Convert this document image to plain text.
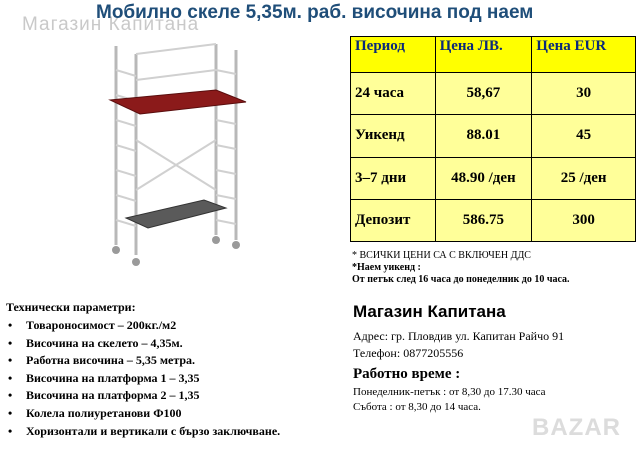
Магазин Капитана
Мобилно скеле 5,35м. раб. височина под наем
Период	Цена ЛВ.	Цена EUR
24 часа	58,67	30
Уикенд	88.01	45
3–7 дни	48.90 /ден	25 /ден
Депозит	586.75	300
* ВСИЧКИ ЦЕНИ СА С ВКЛЮЧЕН ДДС
*Наем уикенд :
От петък след 16 часа до понеделник до 10 часа.
Магазин Капитана
Адрес: гр. Пловдив ул. Капитан Райчо 91
Телефон: 0877205556
Работно време :
Понеделник-петък : от 8,30 до 17.30 часа
Събота : от 8,30 до 14 часа.
Технически параметри:
• Товароносимост – 200кг./м2
• Височина на скелето – 4,35м.
• Работна височина – 5,35 метра.
• Височина на платформа 1 – 3,35
• Височина на платформа 2 – 1,35
• Колела полиуретанови Ф100
• Хоризонтали и вертикали с бързо заключване.	BAZAR
